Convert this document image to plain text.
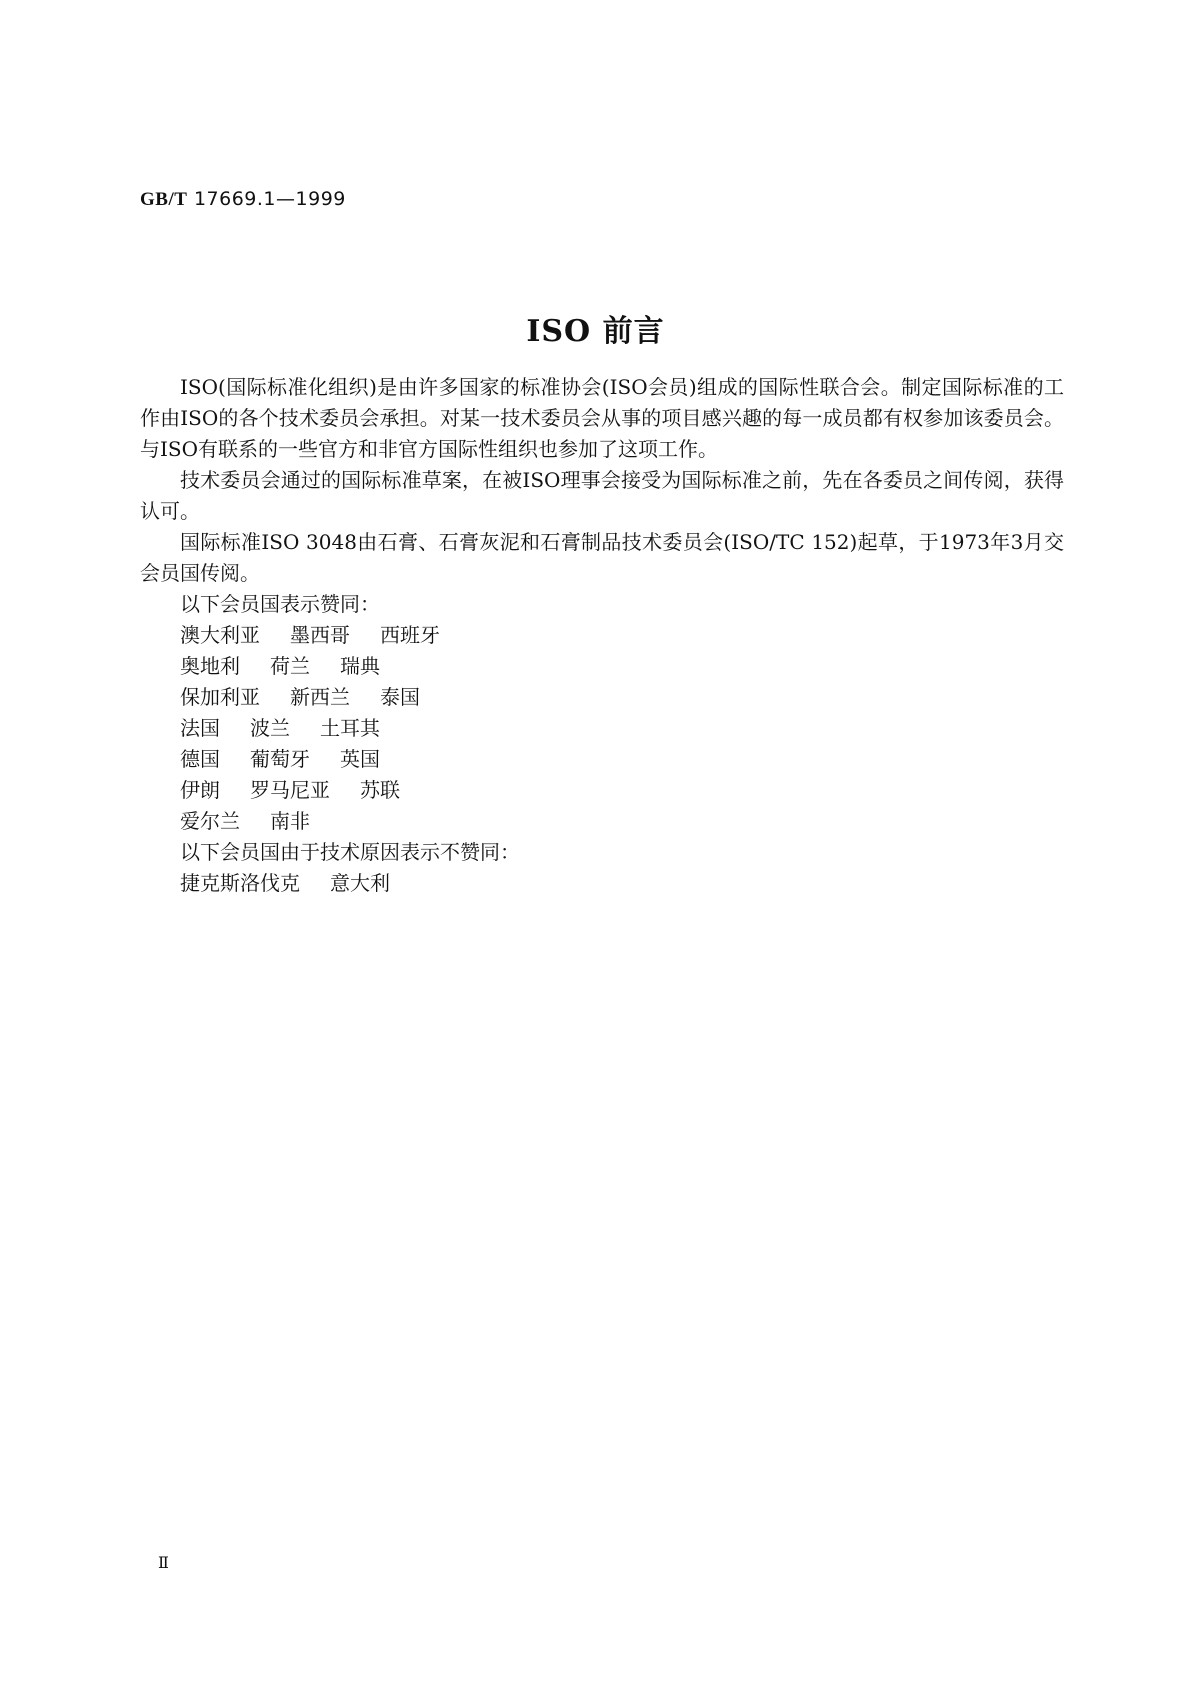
GB/T 17669.1—1999
ISO 前言

ISO(国际标准化组织)是由许多国家的标准协会(ISO会员)组成的国际性联合会。制定国际标准的工作由ISO的各个技术委员会承担。对某一技术委员会从事的项目感兴趣的每一成员都有权参加该委员会。与ISO有联系的一些官方和非官方国际性组织也参加了这项工作。

技术委员会通过的国际标准草案，在被ISO理事会接受为国际标准之前，先在各委员之间传阅，获得认可。

国际标准ISO 3048由石膏、石膏灰泥和石膏制品技术委员会(ISO/TC 152)起草，于1973年3月交会员国传阅。

以下会员国表示赞同：

澳大利亚 墨西哥 西班牙

奥地利 荷兰 瑞典

保加利亚 新西兰 泰国

法国 波兰 土耳其

德国 葡萄牙 英国

伊朗 罗马尼亚 苏联

爱尔兰 南非

以下会员国由于技术原因表示不赞同：

捷克斯洛伐克 意大利

Ⅱ
